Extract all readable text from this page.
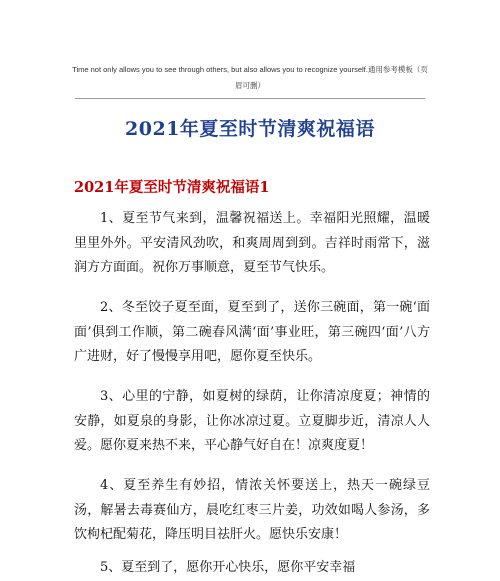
Time not only allows you to see through others, but also allows you to recognize yourself.通用参考模板（页眉可删）
2021年夏至时节清爽祝福语
2021年夏至时节清爽祝福语1
1、夏至节气来到，温馨祝福送上。幸福阳光照耀，温暖里里外外。平安清风劲吹，和爽周周到到。吉祥时雨常下，滋润方方面面。祝你万事顺意，夏至节气快乐。
2、冬至饺子夏至面，夏至到了，送你三碗面，第一碗‘面面’俱到工作顺，第二碗春风满‘面’事业旺，第三碗四‘面’八方广进财，好了慢慢享用吧，愿你夏至快乐。
3、心里的宁静，如夏树的绿荫，让你清凉度夏；神情的安静，如夏泉的身影，让你冰凉过夏。立夏脚步近，清凉人人爱。愿你夏来热不来，平心静气好自在！凉爽度夏！
4、夏至养生有妙招，情浓关怀要送上，热天一碗绿豆汤，解暑去毒赛仙方，晨吃红枣三片姜，功效如喝人参汤，多饮枸杞配菊花，降压明目祛肝火。愿快乐安康！
5、夏至到了，愿你开心快乐，愿你平安幸福
